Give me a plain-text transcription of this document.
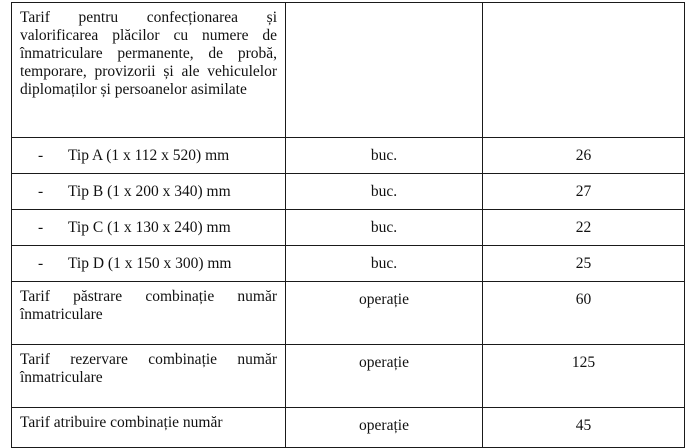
Tarif pentru confecționarea și valorificarea plăcilor cu numere de înmatriculare permanente, de probă, temporare, provizorii și ale vehiculelor diplomaților și persoanelor asimilate		

- Tip A (1 x 112 x 520) mm	buc.	26
- Tip B (1 x 200 x 340) mm	buc.	27
- Tip C (1 x 130 x 240) mm	buc.	22
- Tip D (1 x 150 x 300) mm	buc.	25

Tarif păstrare combinație număr înmatriculare	operație	60

Tarif rezervare combinație număr înmatriculare	operație	125

Tarif atribuire combinație număr	operație	45
